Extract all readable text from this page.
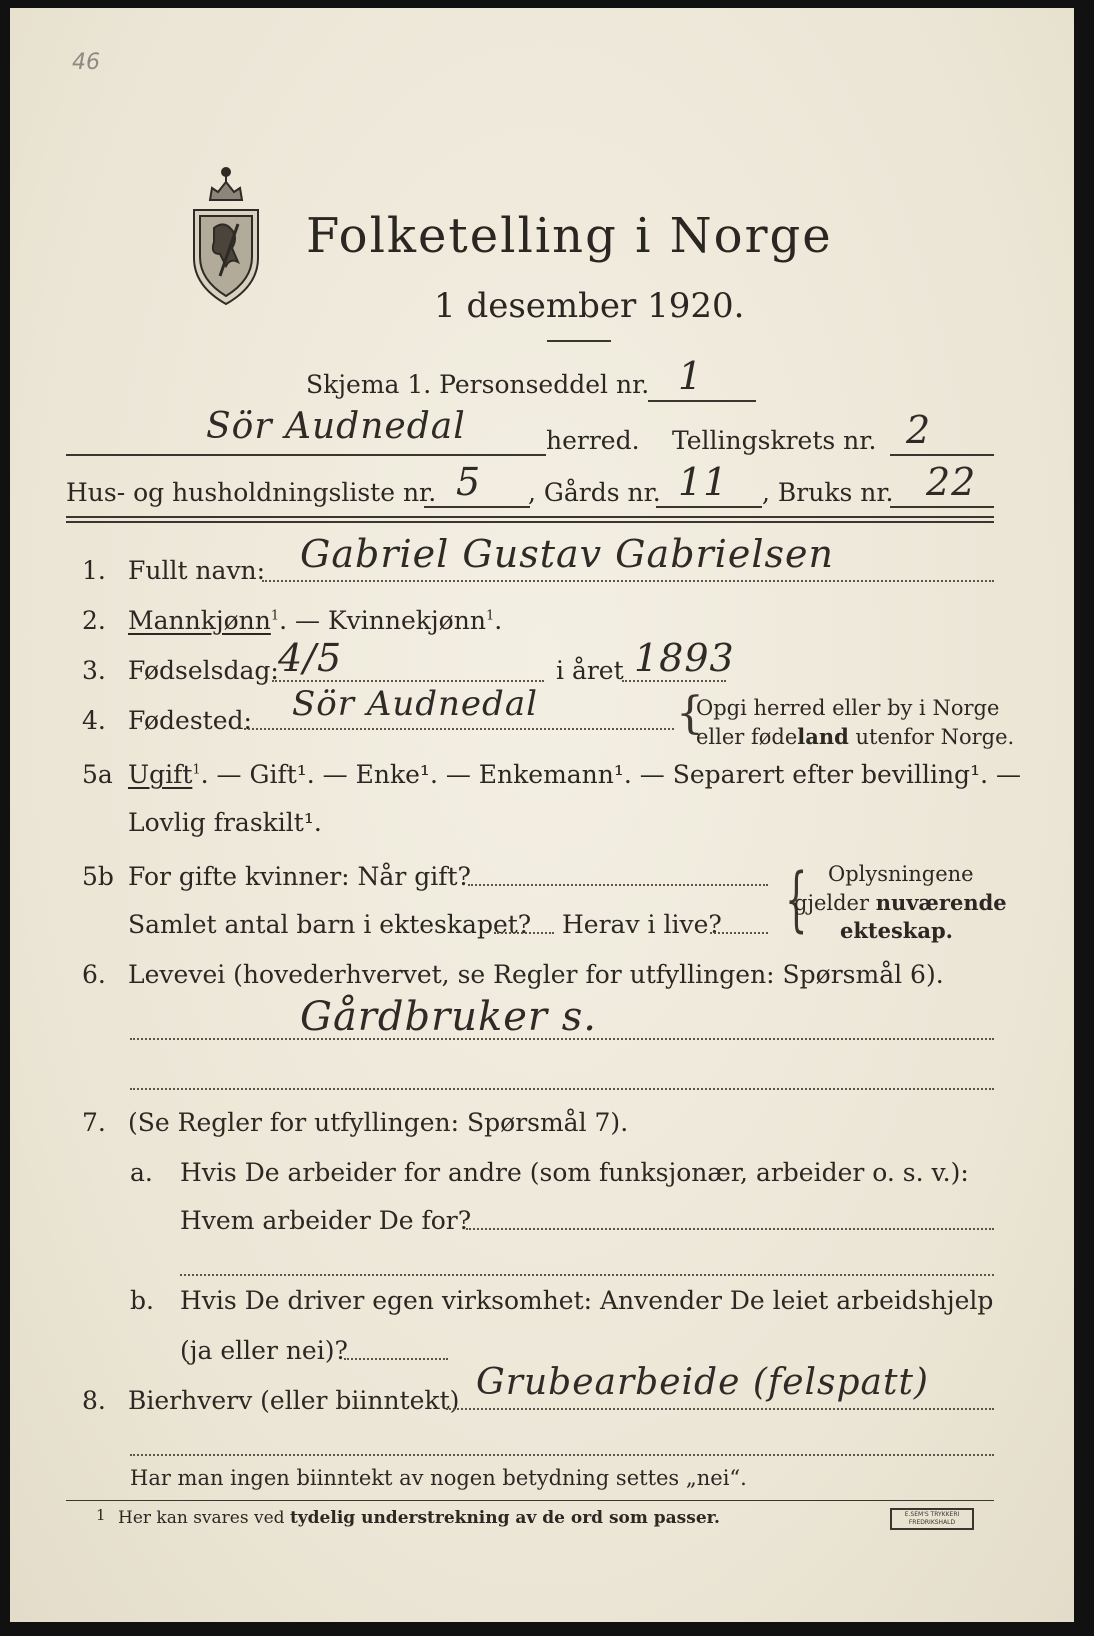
46
Folketelling i Norge
1 desember 1920.
Skjema 1. Personseddel nr. 1
Sör Audnedal	herred. Tellingskrets nr. 2
Hus- og husholdningsliste nr. 5 , Gårds nr. 11 , Bruks nr. 22
1. Fullt navn: Gabriel Gustav Gabrielsen
2. Mannkjønn$^1$. — Kvinnekjønn$^1$.
3. Fødselsdag: 4/5	i året 1893
4. Fødested: Sör Audnedal	{
Opgi herred eller by i Norge
eller fødeland utenfor Norge.
5a Ugift$^1$. — Gift¹. — Enke¹. — Enkemann¹. — Separert efter bevilling¹. —
Lovlig fraskilt¹.
5b For gifte kvinner: Når gift?
Samlet antal barn i ekteskapet? Herav i live? { Oplysningene
gjelder nuværende
ekteskap.
6. Levevei (hovederhvervet, se Regler for utfyllingen: Spørsmål 6).
Gårdbruker s.
7. (Se Regler for utfyllingen: Spørsmål 7).
a. Hvis De arbeider for andre (som funksjonær, arbeider o. s. v.):
Hvem arbeider De for?
b. Hvis De driver egen virksomhet: Anvender De leiet arbeidshjelp
(ja eller nei)?
8. Bierhverv (eller biinntekt) Grubearbeide (felspatt)
Har man ingen biinntekt av nogen betydning settes „nei“.
1 Her kan svares ved tydelig understrekning av de ord som passer.	E.SEM'S TRYKKERI FREDRIKSHALD
